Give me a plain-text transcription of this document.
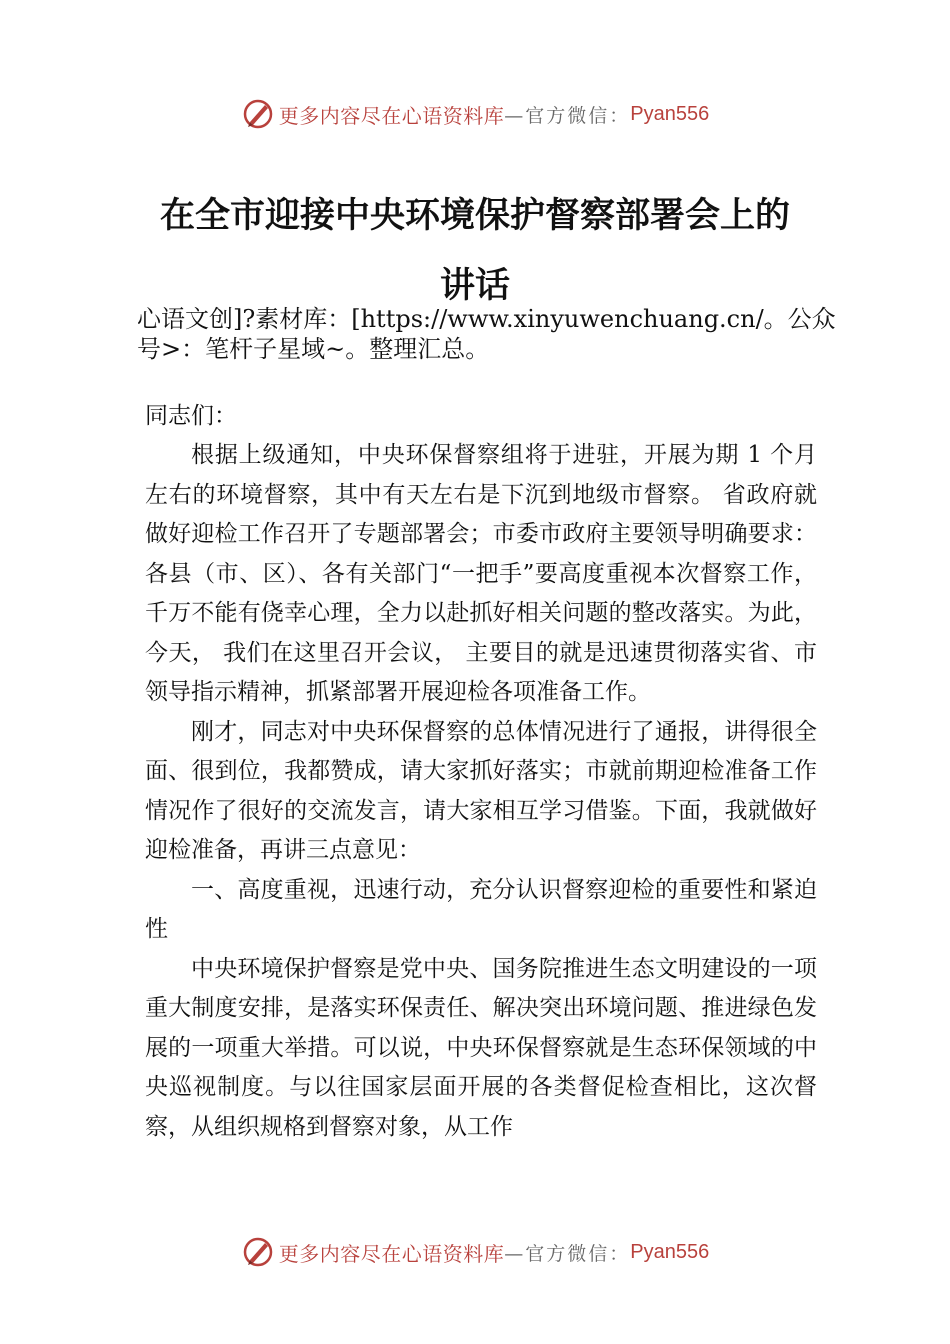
更多内容尽在心语资料库 —官方微信： Pyan556
在全市迎接中央环境保护督察部署会上的
讲话
心语文创]?素材库：[https://www.xinyuwenchuang.cn/。公众号>：笔杆子星域~。整理汇总。
同志们：

根据上级通知，中央环保督察组将于进驻，开展为期 1 个月左右的环境督察，其中有天左右是下沉到地级市督察。 省政府就做好迎检工作召开了专题部署会；市委市政府主要领导明确要求：各县（市、区）、各有关部门“一把手”要高度重视本次督察工作，千万不能有侥幸心理，全力以赴抓好相关问题的整改落实。为此，今天， 我们在这里召开会议， 主要目的就是迅速贯彻落实省、市领导指示精神，抓紧部署开展迎检各项准备工作。

刚才，同志对中央环保督察的总体情况进行了通报，讲得很全面、很到位，我都赞成，请大家抓好落实；市就前期迎检准备工作情况作了很好的交流发言，请大家相互学习借鉴。下面，我就做好迎检准备，再讲三点意见：

一、高度重视，迅速行动，充分认识督察迎检的重要性和紧迫性

中央环境保护督察是党中央、国务院推进生态文明建设的一项重大制度安排，是落实环保责任、解决突出环境问题、推进绿色发展的一项重大举措。可以说，中央环保督察就是生态环保领域的中央巡视制度。与以往国家层面开展的各类督促检查相比，这次督察，从组织规格到督察对象，从工作

更多内容尽在心语资料库 —官方微信： Pyan556
